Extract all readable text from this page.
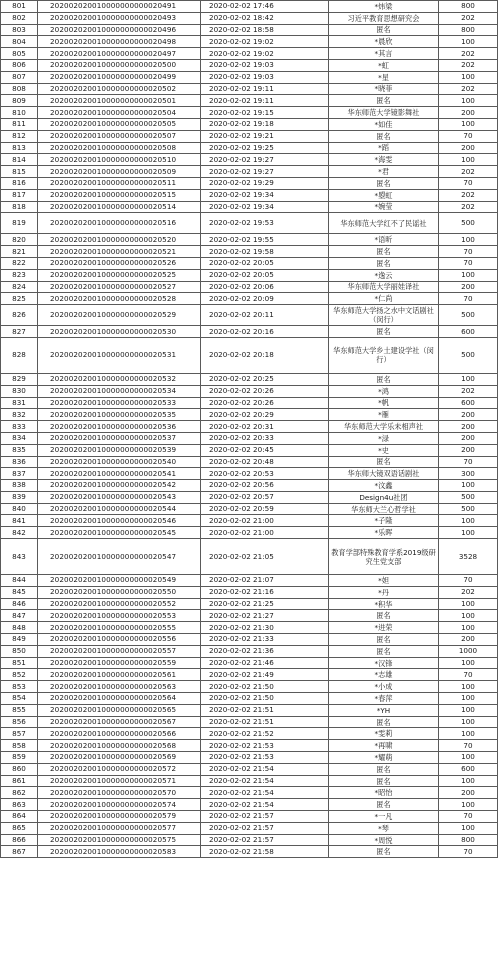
801	202002020010000000000020491	2020-02-02 17:46	*炜梁	800
802	202002020010000000000020493	2020-02-02 18:42	习近平教育思想研究会	202
803	202002020010000000000020496	2020-02-02 18:58	匿名	800
804	202002020010000000000020498	2020-02-02 19:02	*晨欣	100
805	202002020010000000000020497	2020-02-02 19:02	*其言	202
806	202002020010000000000020500	2020-02-02 19:03	*虹	202
807	202002020010000000000020499	2020-02-02 19:03	*星	100
808	202002020010000000000020502	2020-02-02 19:11	*晓菲	202
809	202002020010000000000020501	2020-02-02 19:11	匿名	100
810	202002020010000000000020504	2020-02-02 19:15	华东师范大学镜影舞社	200
811	202002020010000000000020505	2020-02-02 19:18	*如佳	100
812	202002020010000000000020507	2020-02-02 19:21	匿名	70
813	202002020010000000000020508	2020-02-02 19:25	*蹈	200
814	202002020010000000000020510	2020-02-02 19:27	*海雯	100
815	202002020010000000000020509	2020-02-02 19:27	*君	202
816	202002020010000000000020511	2020-02-02 19:29	匿名	70
817	202002020010000000000020515	2020-02-02 19:34	*曌虹	202
818	202002020010000000000020514	2020-02-02 19:34	*婉莹	202
819	202002020010000000000020516	2020-02-02 19:53	华东师范大学红不了民谣社	500
820	202002020010000000000020520	2020-02-02 19:55	*语昕	100
821	202002020010000000000020521	2020-02-02 19:58	匿名	70
822	202002020010000000000020526	2020-02-02 20:05	匿名	70
823	202002020010000000000020525	2020-02-02 20:05	*逸云	100
824	202002020010000000000020527	2020-02-02 20:06	华东师范大学丽娃译社	200
825	202002020010000000000020528	2020-02-02 20:09	*仁尚	70
826	202002020010000000000020529	2020-02-02 20:11	华东师范大学扬之水中文话剧社（闵行）	500
827	202002020010000000000020530	2020-02-02 20:16	匿名	600
828	202002020010000000000020531	2020-02-02 20:18	华东师范大学乡土建设学社（闵行）	500
829	202002020010000000000020532	2020-02-02 20:25	匿名	100
830	202002020010000000000020534	2020-02-02 20:26	*鸿	202
831	202002020010000000000020533	2020-02-02 20:26	*帆	600
832	202002020010000000000020535	2020-02-02 20:29	*雁	200
833	202002020010000000000020536	2020-02-02 20:31	华东师范大学乐未相声社	200
834	202002020010000000000020537	2020-02-02 20:33	*渌	200
835	202002020010000000000020539	2020-02-02 20:45	*史	200
836	202002020010000000000020540	2020-02-02 20:48	匿名	70
837	202002020010000000000020541	2020-02-02 20:53	华东师大镜双语话剧社	300
838	202002020010000000000020542	2020-02-02 20:56	*汶鑫	100
839	202002020010000000000020543	2020-02-02 20:57	Design4u社团	500
840	202002020010000000000020544	2020-02-02 20:59	华东师大兰心哲学社	500
841	202002020010000000000020546	2020-02-02 21:00	*子隆	100
842	202002020010000000000020545	2020-02-02 21:00	*乐晖	100
843	202002020010000000000020547	2020-02-02 21:05	教育学部特殊教育学系2019级研究生党支部	3528
844	202002020010000000000020549	2020-02-02 21:07	*妲	70
845	202002020010000000000020550	2020-02-02 21:16	*丹	202
846	202002020010000000000020552	2020-02-02 21:25	*积华	100
847	202002020010000000000020553	2020-02-02 21:27	匿名	100
848	202002020010000000000020555	2020-02-02 21:30	*进荣	100
849	202002020010000000000020556	2020-02-02 21:33	匿名	200
850	202002020010000000000020557	2020-02-02 21:36	匿名	1000
851	202002020010000000000020559	2020-02-02 21:46	*汉锋	100
852	202002020010000000000020561	2020-02-02 21:49	*志雄	70
853	202002020010000000000020563	2020-02-02 21:50	*小成	100
854	202002020010000000000020564	2020-02-02 21:50	*春萍	100
855	202002020010000000000020565	2020-02-02 21:51	*YH	100
856	202002020010000000000020567	2020-02-02 21:51	匿名	100
857	202002020010000000000020566	2020-02-02 21:52	*雯莉	100
858	202002020010000000000020568	2020-02-02 21:53	*再啸	70
859	202002020010000000000020569	2020-02-02 21:53	*耀萌	100
860	202002020010000000000020572	2020-02-02 21:54	匿名	600
861	202002020010000000000020571	2020-02-02 21:54	匿名	100
862	202002020010000000000020570	2020-02-02 21:54	*昭怡	200
863	202002020010000000000020574	2020-02-02 21:54	匿名	100
864	202002020010000000000020579	2020-02-02 21:57	*一凡	70
865	202002020010000000000020577	2020-02-02 21:57	*琴	100
866	202002020010000000000020575	2020-02-02 21:57	*周悦	800
867	202002020010000000000020583	2020-02-02 21:58	匿名	70
